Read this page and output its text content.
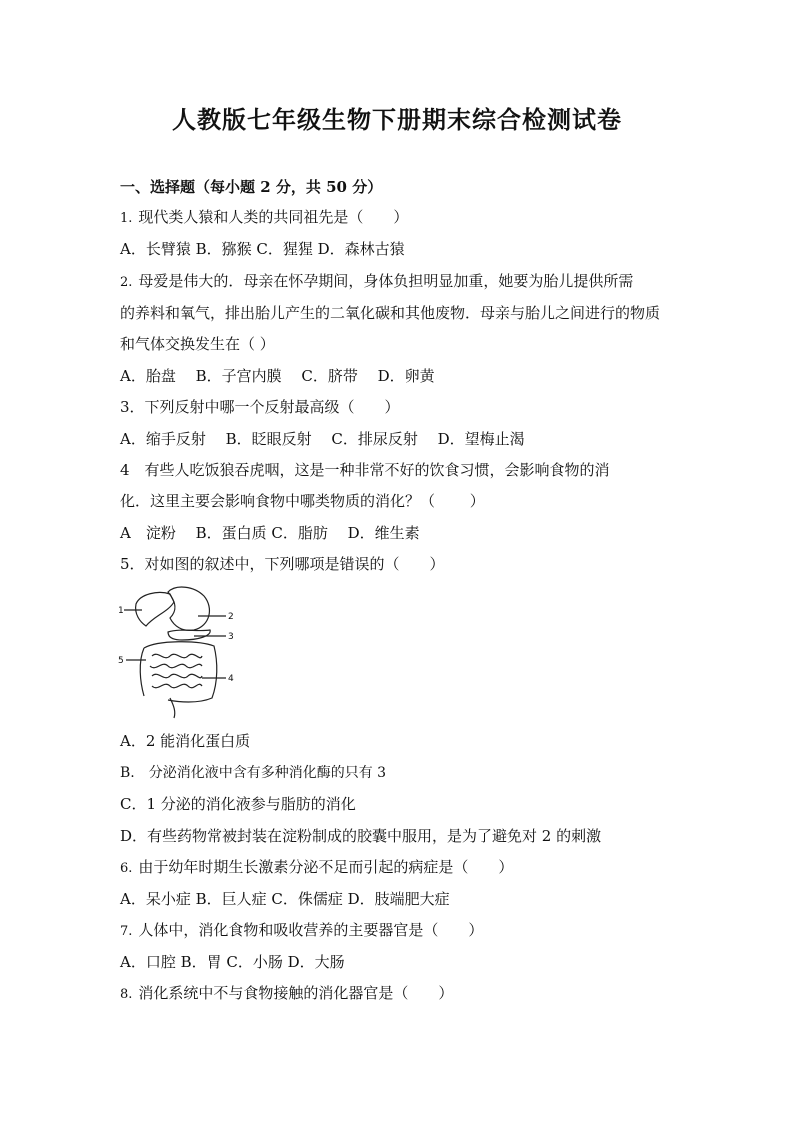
人教版七年级生物下册期末综合检测试卷
一、选择题（每小题 2 分，共 50 分）
1. 现代类人猿和人类的共同祖先是（　　）
A．长臂猿 B．猕猴 C．猩猩 D．森林古猿
2. 母爱是伟大的．母亲在怀孕期间，身体负担明显加重，她要为胎儿提供所需
的养料和氧气，排出胎儿产生的二氧化碳和其他废物．母亲与胎儿之间进行的物质
和气体交换发生在（ ）
A．胎盘　 B．子宫内膜　 C．脐带　 D．卵黄
3．下列反射中哪一个反射最高级（　　）
A．缩手反射　 B．眨眼反射　 C．排尿反射　 D．望梅止渴
4　有些人吃饭狼吞虎咽，这是一种非常不好的饮食习惯，会影响食物的消
化．这里主要会影响食物中哪类物质的消化？（　　 ）
A　淀粉　 B．蛋白质 C．脂肪　 D．维生素
5．对如图的叙述中，下列哪项是错误的（　　）
1
2
3
4
5
A．2 能消化蛋白质
B.　分泌消化液中含有多种消化酶的只有 3
C．1 分泌的消化液参与脂肪的消化
D．有些药物常被封装在淀粉制成的胶囊中服用，是为了避免对 2 的刺激
6. 由于幼年时期生长激素分泌不足而引起的病症是（　　）
A．呆小症 B．巨人症 C．侏儒症 D．肢端肥大症
7. 人体中，消化食物和吸收营养的主要器官是（　　）
A．口腔 B．胃 C．小肠 D．大肠
8. 消化系统中不与食物接触的消化器官是（　　）
